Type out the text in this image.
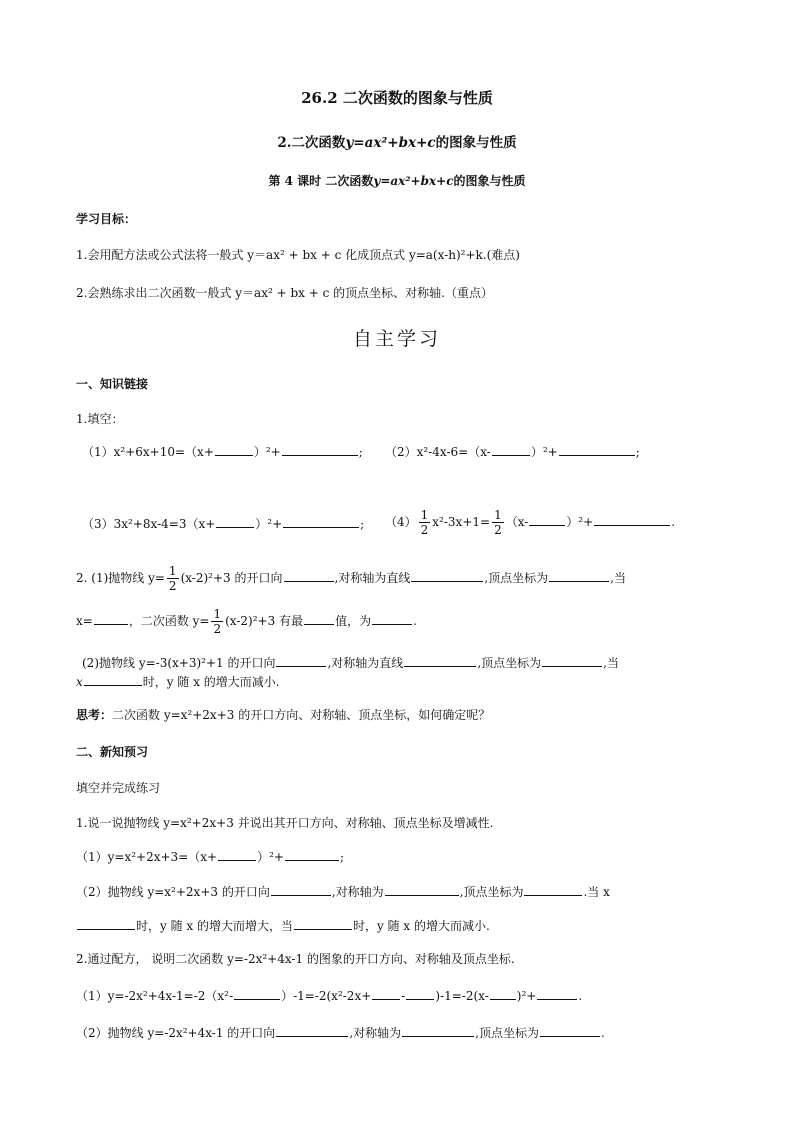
26.2 二次函数的图象与性质
2.二次函数y=ax²+bx+c的图象与性质
第 4 课时 二次函数y=ax²+bx+c的图象与性质
学习目标：
1.会用配方法或公式法将一般式 y＝ax² + bx + c 化成顶点式 y=a(x-h)²+k.(难点)
2.会熟练求出二次函数一般式 y＝ax² + bx + c 的顶点坐标、对称轴.（重点）
自主学习
一、知识链接
1.填空：
（1）x²+6x+10=（x+	）²+	; （2）x²-4x-6=（x-	）²+	;
（3）3x²+8x-4=3（x+	）²+	; $(4) \frac{1}{2} x^2-3x+1= \frac{1}{2} (x-$	）²+	.
2. (1)抛物线 $y= \frac{1}{2} (x-2)^2+3$ 的开口向	,对称轴为直线	,顶点坐标为	,当
x=	，二次函数 $y= \frac{1}{2} (x-2)^2+3$ 有最	值，为	.
(2)抛物线 y=-3(x+3)²+1 的开口向	,对称轴为直线	,顶点坐标为	,当
x	时，y 随 x 的增大而减小.
思考：二次函数 y=x²+2x+3 的开口方向、对称轴、顶点坐标，如何确定呢？
二、新知预习
填空并完成练习
1.说一说抛物线 y=x²+2x+3 并说出其开口方向、对称轴、顶点坐标及增减性.
（1）y=x²+2x+3=（x+	）²+	;
（2）抛物线 y=x²+2x+3 的开口向	,对称轴为	,顶点坐标为	.当 x
时，y 随 x 的增大而增大，当	时，y 随 x 的增大而减小.
2.通过配方， 说明二次函数 y=-2x²+4x-1 的图象的开口方向、对称轴及顶点坐标.
（1）y=-2x²+4x-1=-2（x²-	）-1=-2(x²-2x+	-	)-1=-2(x- )²+	.
（2）抛物线 y=-2x²+4x-1 的开口向	,对称轴为	,顶点坐标为	.
